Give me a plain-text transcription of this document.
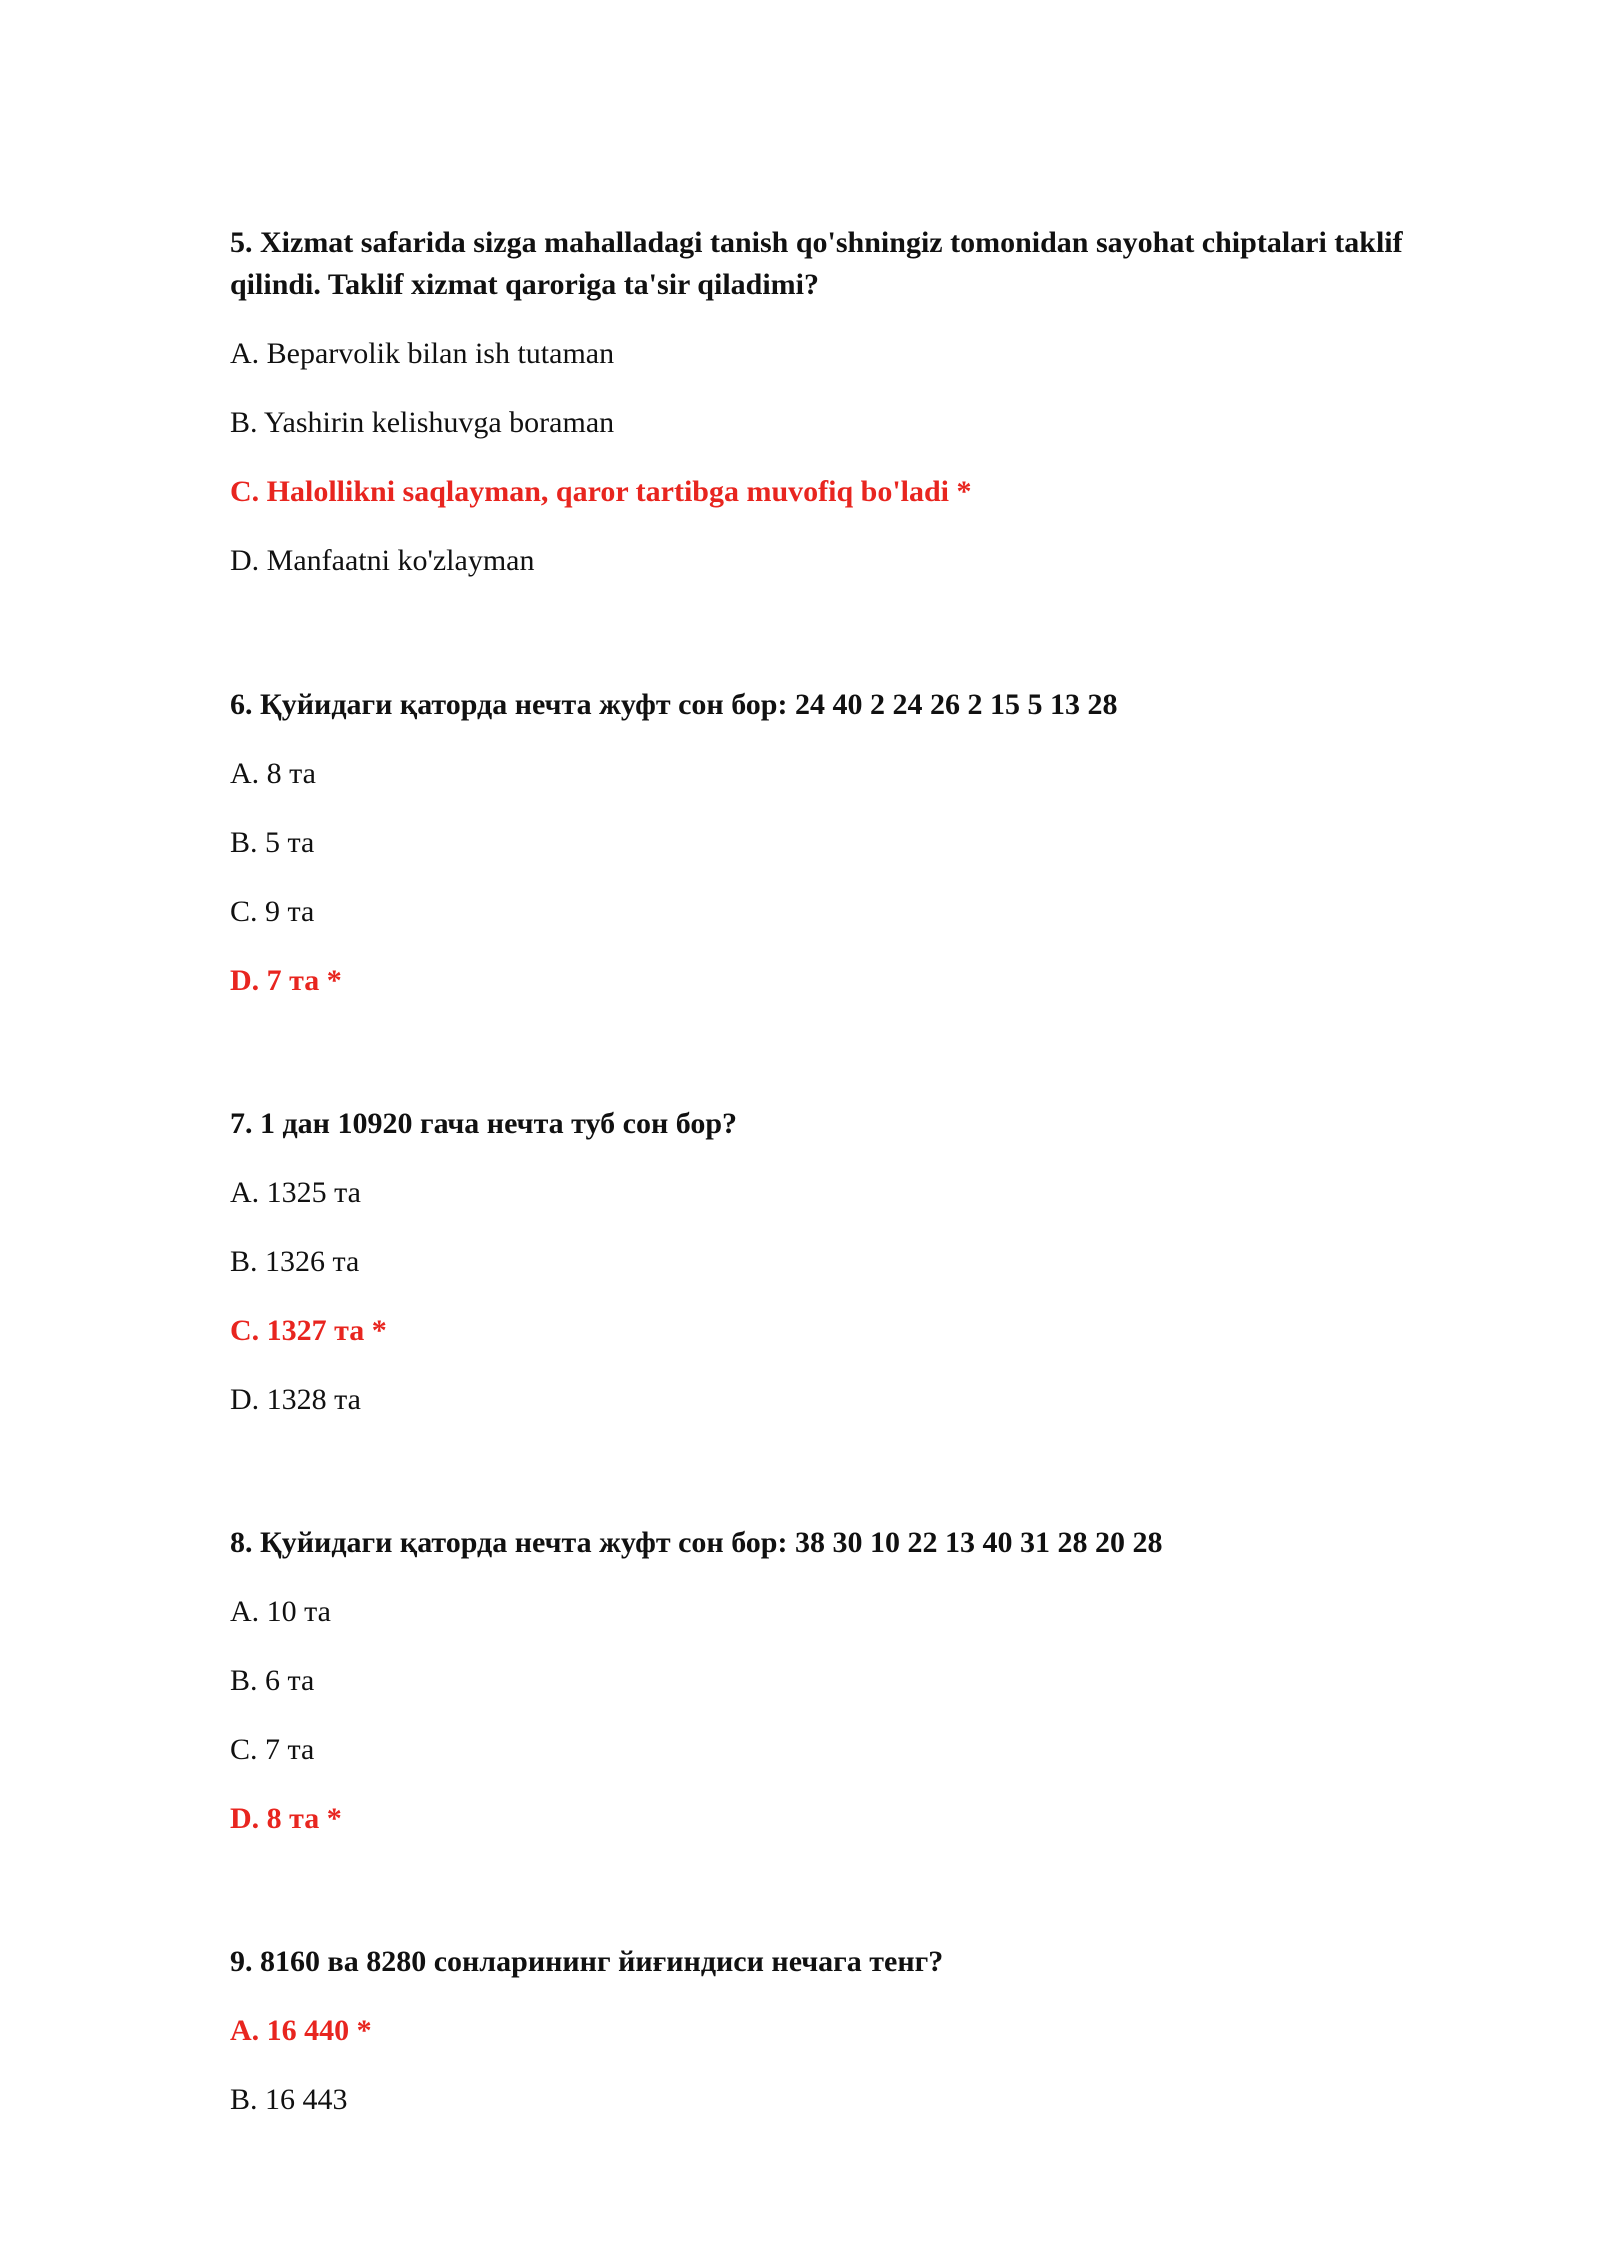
5. Xizmat safarida sizga mahalladagi tanish qo'shningiz tomonidan sayohat chiptalari taklif qilindi. Taklif xizmat qaroriga ta'sir qiladimi?

A. Beparvolik bilan ish tutaman

B. Yashirin kelishuvga boraman

C. Halollikni saqlayman, qaror tartibga muvofiq bo'ladi *

D. Manfaatni ko'zlayman

6. Қуйидаги қаторда нечта жуфт сон бор: 24 40 2 24 26 2 15 5 13 28

A. 8 та

B. 5 та

C. 9 та

D. 7 та *

7. 1 дан 10920 гача нечта туб сон бор?

A. 1325 та

B. 1326 та

C. 1327 та *

D. 1328 та

8. Қуйидаги қаторда нечта жуфт сон бор: 38 30 10 22 13 40 31 28 20 28

A. 10 та

B. 6 та

C. 7 та

D. 8 та *

9. 8160 ва 8280 сонларининг йиғиндиси нечага тенг?

A. 16 440 *

B. 16 443
